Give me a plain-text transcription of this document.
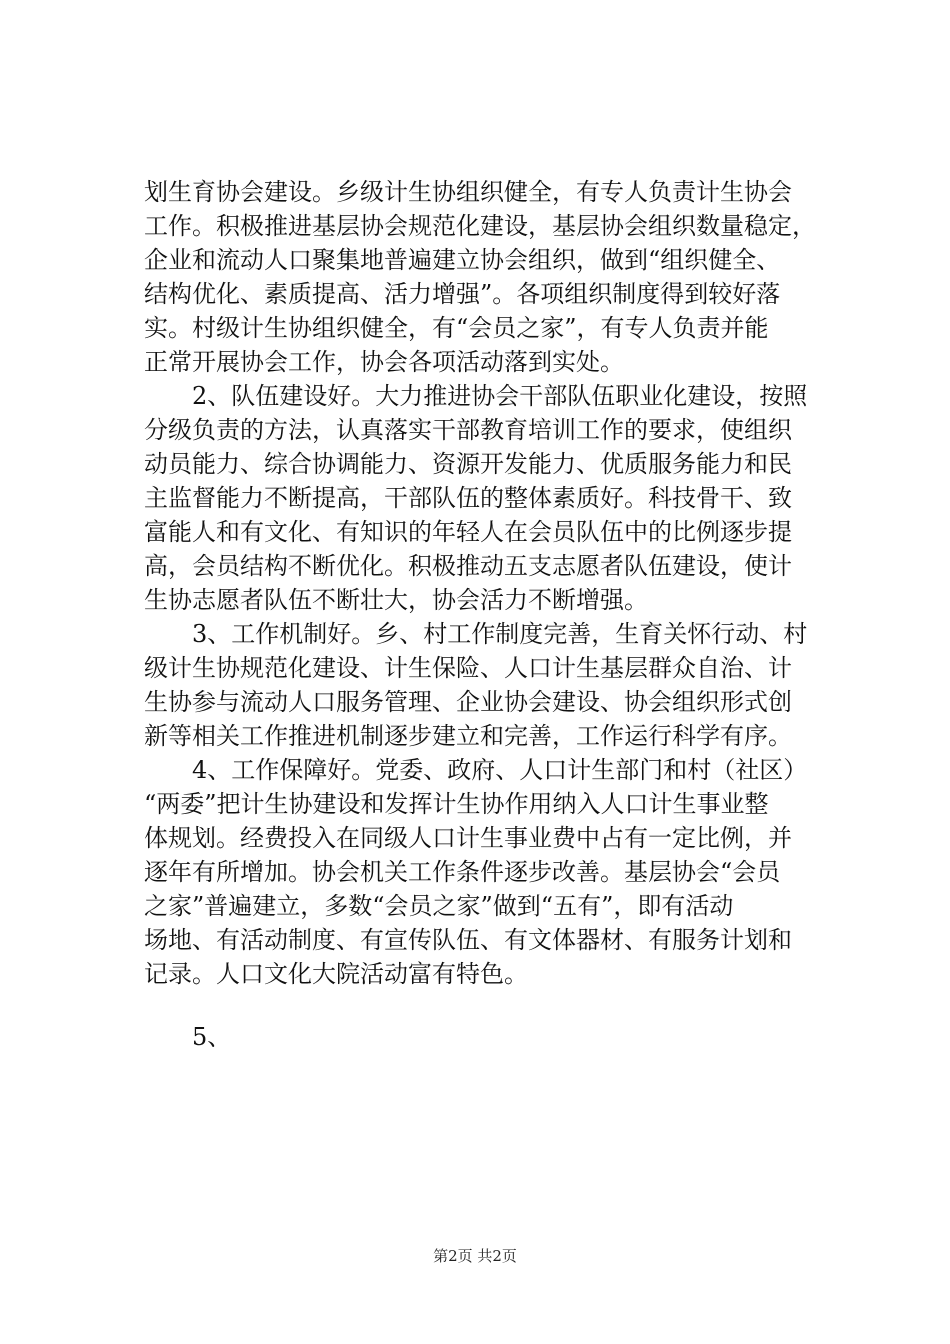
划生育协会建设。乡级计生协组织健全，有专人负责计生协会
工作。积极推进基层协会规范化建设，基层协会组织数量稳定，
企业和流动人口聚集地普遍建立协会组织，做到“组织健全、
结构优化、素质提高、活力增强”。各项组织制度得到较好落
实。村级计生协组织健全，有“会员之家”，有专人负责并能
正常开展协会工作，协会各项活动落到实处。
　　2、队伍建设好。大力推进协会干部队伍职业化建设，按照
分级负责的方法，认真落实干部教育培训工作的要求，使组织
动员能力、综合协调能力、资源开发能力、优质服务能力和民
主监督能力不断提高，干部队伍的整体素质好。科技骨干、致
富能人和有文化、有知识的年轻人在会员队伍中的比例逐步提
高，会员结构不断优化。积极推动五支志愿者队伍建设，使计
生协志愿者队伍不断壮大，协会活力不断增强。
　　3、工作机制好。乡、村工作制度完善，生育关怀行动、村
级计生协规范化建设、计生保险、人口计生基层群众自治、计
生协参与流动人口服务管理、企业协会建设、协会组织形式创
新等相关工作推进机制逐步建立和完善，工作运行科学有序。
　　4、工作保障好。党委、政府、人口计生部门和村（社区）
“两委”把计生协建设和发挥计生协作用纳入人口计生事业整
体规划。经费投入在同级人口计生事业费中占有一定比例，并
逐年有所增加。协会机关工作条件逐步改善。基层协会“会员
之家”普遍建立，多数“会员之家”做到“五有”，即有活动
场地、有活动制度、有宣传队伍、有文体器材、有服务计划和
记录。人口文化大院活动富有特色。
　　5、
第2页 共2页
